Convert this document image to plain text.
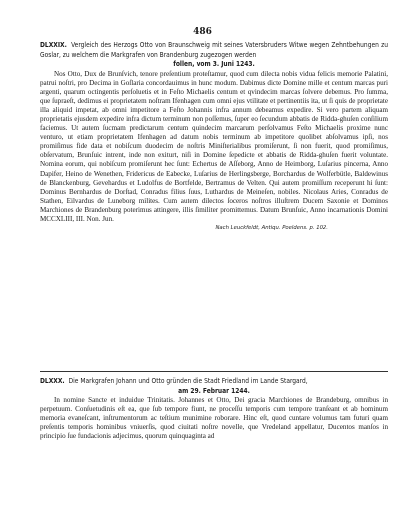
486
DLXXIX. Vergleich des Herzogs Otto von Braunschweig mit seines Vatersbruders Witwe wegen Zehntbehungen zu Goslar, zu welchem die Markgrafen von Brandenburg zugezogen werden
follen, vom 3. Juni 1243.

Nos Otto, Dux de Brunſvich, tenore preſentium proteſtamur, quod cum dilecta nobis vidua felicis memorie Palatini, patrui noſtri, pro Decima in Goſlaria concordauimus in hunc modum. Dabimus dicte Domine mille et centum marcas puri argenti, quarum octingentis perſoluetis et in Feſto Michaelis centum et qvindecim marcas ſolvere debemus. Pro ſumma, que ſupraeſt, dedimus ei proprietatem noſtram Ifenhagen cum omni ejus vtilitate et pertinentiis ita, ut ſi quis de proprietate illa aliquid impetat, ab omni impetitore a Feſto Johannis infra annum debeamus expedire. Si vero partem aliquam proprietatis ejusdem expedire infra dictum terminum non poſſemus, ſuper eo ſecundum abbatis de Ridda-ghuſen conſilium faciemus. Ut autem ſucmam predictarum centum quindecim marcarum perſolvamus Feſto Michaelis proxime nunc venturo, ut etiam proprietatem Ifenhagen ad datum nobis terminum ab impetitore quolibet abſolvamus ipſi, nos promiſimus fide data et nobiſcum duodecim de noſtris Miniſterialibus promiſerunt, ſi non fuerit, quod promiſimus, obſervatum, Brunſuic intrent, inde non exiturt, niſi in Domine ſepedicte et abbatis de Ridda-ghuſen fuerit voluntate. Nomina eorum, qui nobiſcum promiſerunt hec ſunt: Echertus de Aſſeborg, Anno de Heimborg, Luſarius pincerna, Anno Dapifer, Heino de Wenethen, Fridericus de Eabecke, Luſarius de Herlingsberge, Borchardus de Wolferbütle, Baldewinus de Blanckenburg, Gevehardus et Ludolfus de Bortfelde, Bertramus de Velten. Qui autem promiſſum receperunt hi ſunt: Dominus Bernhardus de Dorſtad, Conradus filius ſuus, Luthardus de Meineſen, nobiles. Nicolaus Aries, Conradus de Stathen, Eilvardus de Luneborg milites. Cum autem dilectos ſoceros noſtros illuſtrem Ducem Saxonie et Dominos Marchiones de Brandenburg poterimus attingere, illis ſimiliter promittemus. Datum Brunſuic, Anno incarnationis Domini MCCXLIII, III. Non. Jun.

Nach Leuckfeldt, Antiqu. Poeldens. p. 102.
DLXXX. Die Markgrafen Johann und Otto gründen die Stadt Friedland im Lande Stargard,
am 29. Februar 1244.

In nomine Sancte et induidue Trinitatis. Johannes et Otto, Dei gracia Marchiones de Brandeburg, omnibus in perpetuum. Conſuetudinis eſt ea, que ſub tempore fiunt, ne proceſſu temporis cum tempore tranſeant et ab hominum memoria evaneſcant, inſtrumentorum ac teſtium munimine roborare. Hinc eſt, quod cuntare volumus tam futuri quam preſentis temporis hominibus vniuerſis, quod ciuitati noſtre novelle, que Vredeland appellatur, Ducentos manſos in principio ſue fundacionis adjecimus, quorum quinquaginta ad
